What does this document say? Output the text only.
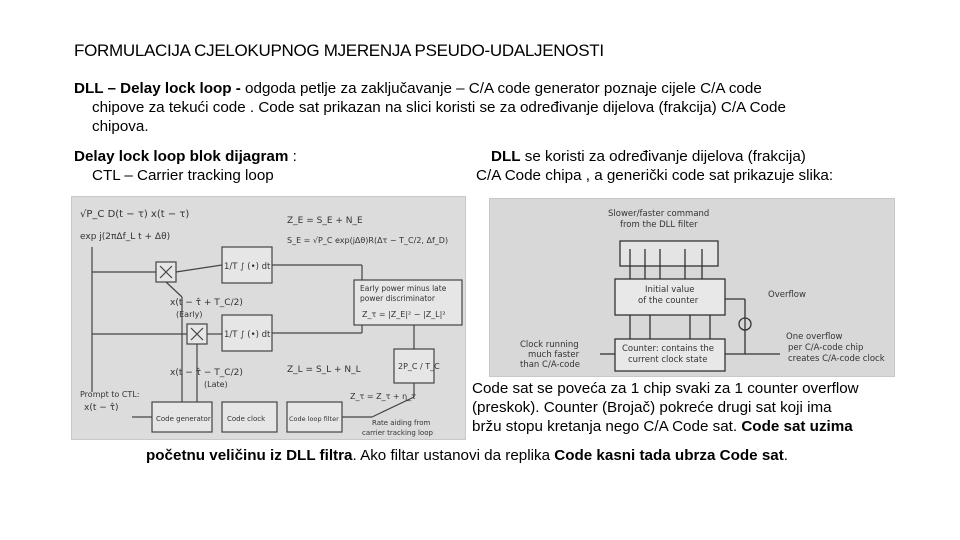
FORMULACIJA CJELOKUPNOG MJERENJA PSEUDO-UDALJENOSTI
DLL – Delay lock loop - odgoda petlje za zaključavanje – C/A code generator poznaje cijele C/A code
chipove za tekući code . Code sat prikazan na slici koristi se za određivanje dijelova (frakcija) C/A Code
chipova.
Delay lock loop blok dijagram :
CTL – Carrier tracking loop
DLL se koristi za određivanje dijelova (frakcija)
C/A Code chipa , a generički code sat prikazuje slika:
√P_C D(t − τ) x(t − τ)
exp j(2πΔf_L t + Δθ)
Z_E = S_E + N_E
S_E = √P_C exp(jΔθ)R(Δτ − T_C/2, Δf_D)
1/T ∫ (•) dt
1/T ∫ (•) dt
x(t − τ̂ + T_C/2)
(Early)
x(t − τ̂ − T_C/2)
(Late)
Early power minus late
power discriminator
Z_τ = |Z_E|² − |Z_L|²
Z_L = S_L + N_L	2P_C / T_C
Z_τ = Z_τ + η_τ
Prompt to CTL:
x(t − τ̂)
Code generator Code clock	Code loop filter	Rate aiding from
carrier tracking loop
Slower/faster command
from the DLL filter
Initial value
of the counter
Overflow
Clock running
much faster
than C/A-code
Counter: contains the
current clock state
One overflow
per C/A-code chip
creates C/A-code clock
Code sat se poveća za 1 chip svaki za 1 counter overflow
(preskok). Counter (Brojač) pokreće drugi sat koji ima
bržu stopu kretanja nego C/A Code sat. Code sat uzima
početnu veličinu iz DLL filtra. Ako filtar ustanovi da replika Code kasni tada ubrza Code sat.
